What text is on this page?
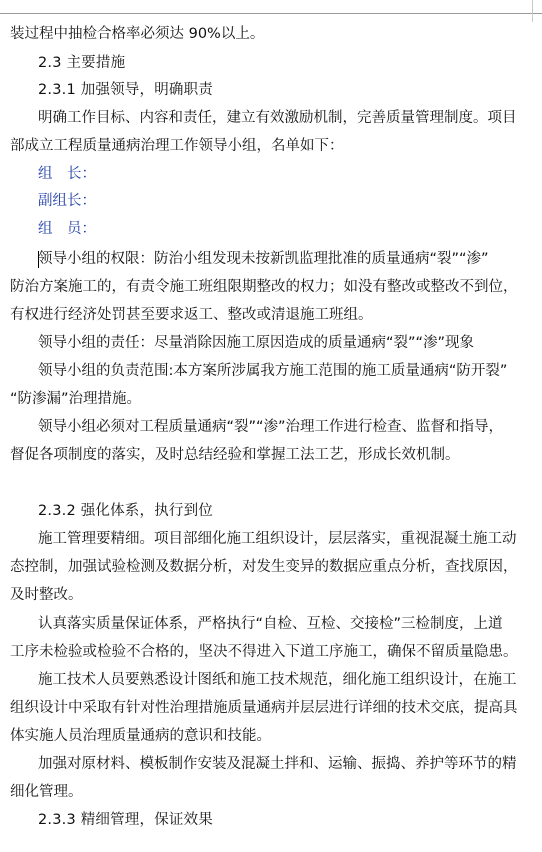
装过程中抽检合格率必须达 90%以上。
2.3 主要措施
2.3.1 加强领导，明确职责
明确工作目标、内容和责任，建立有效激励机制，完善质量管理制度。项目
部成立工程质量通病治理工作领导小组，名单如下：
组　长：
副组长：
组　员：
领导小组的权限：防治小组发现未按新凯监理批准的质量通病“裂”“渗”
防治方案施工的，有责令施工班组限期整改的权力；如没有整改或整改不到位，
有权进行经济处罚甚至要求返工、整改或清退施工班组。
领导小组的责任：尽量消除因施工原因造成的质量通病“裂”“渗”现象
领导小组的负责范围:本方案所涉属我方施工范围的施工质量通病“防开裂”
“防渗漏”治理措施。
领导小组必须对工程质量通病“裂”“渗”治理工作进行检查、监督和指导，
督促各项制度的落实，及时总结经验和掌握工法工艺，形成长效机制。
2.3.2 强化体系，执行到位
施工管理要精细。项目部细化施工组织设计，层层落实，重视混凝土施工动
态控制，加强试验检测及数据分析，对发生变异的数据应重点分析，查找原因，
及时整改。
认真落实质量保证体系，严格执行“自检、互检、交接检”三检制度，上道
工序未检验或检验不合格的，坚决不得进入下道工序施工，确保不留质量隐患。
施工技术人员要熟悉设计图纸和施工技术规范，细化施工组织设计，在施工
组织设计中采取有针对性治理措施质量通病并层层进行详细的技术交底，提高具
体实施人员治理质量通病的意识和技能。
加强对原材料、模板制作安装及混凝土拌和、运输、振捣、养护等环节的精
细化管理。
2.3.3 精细管理，保证效果
